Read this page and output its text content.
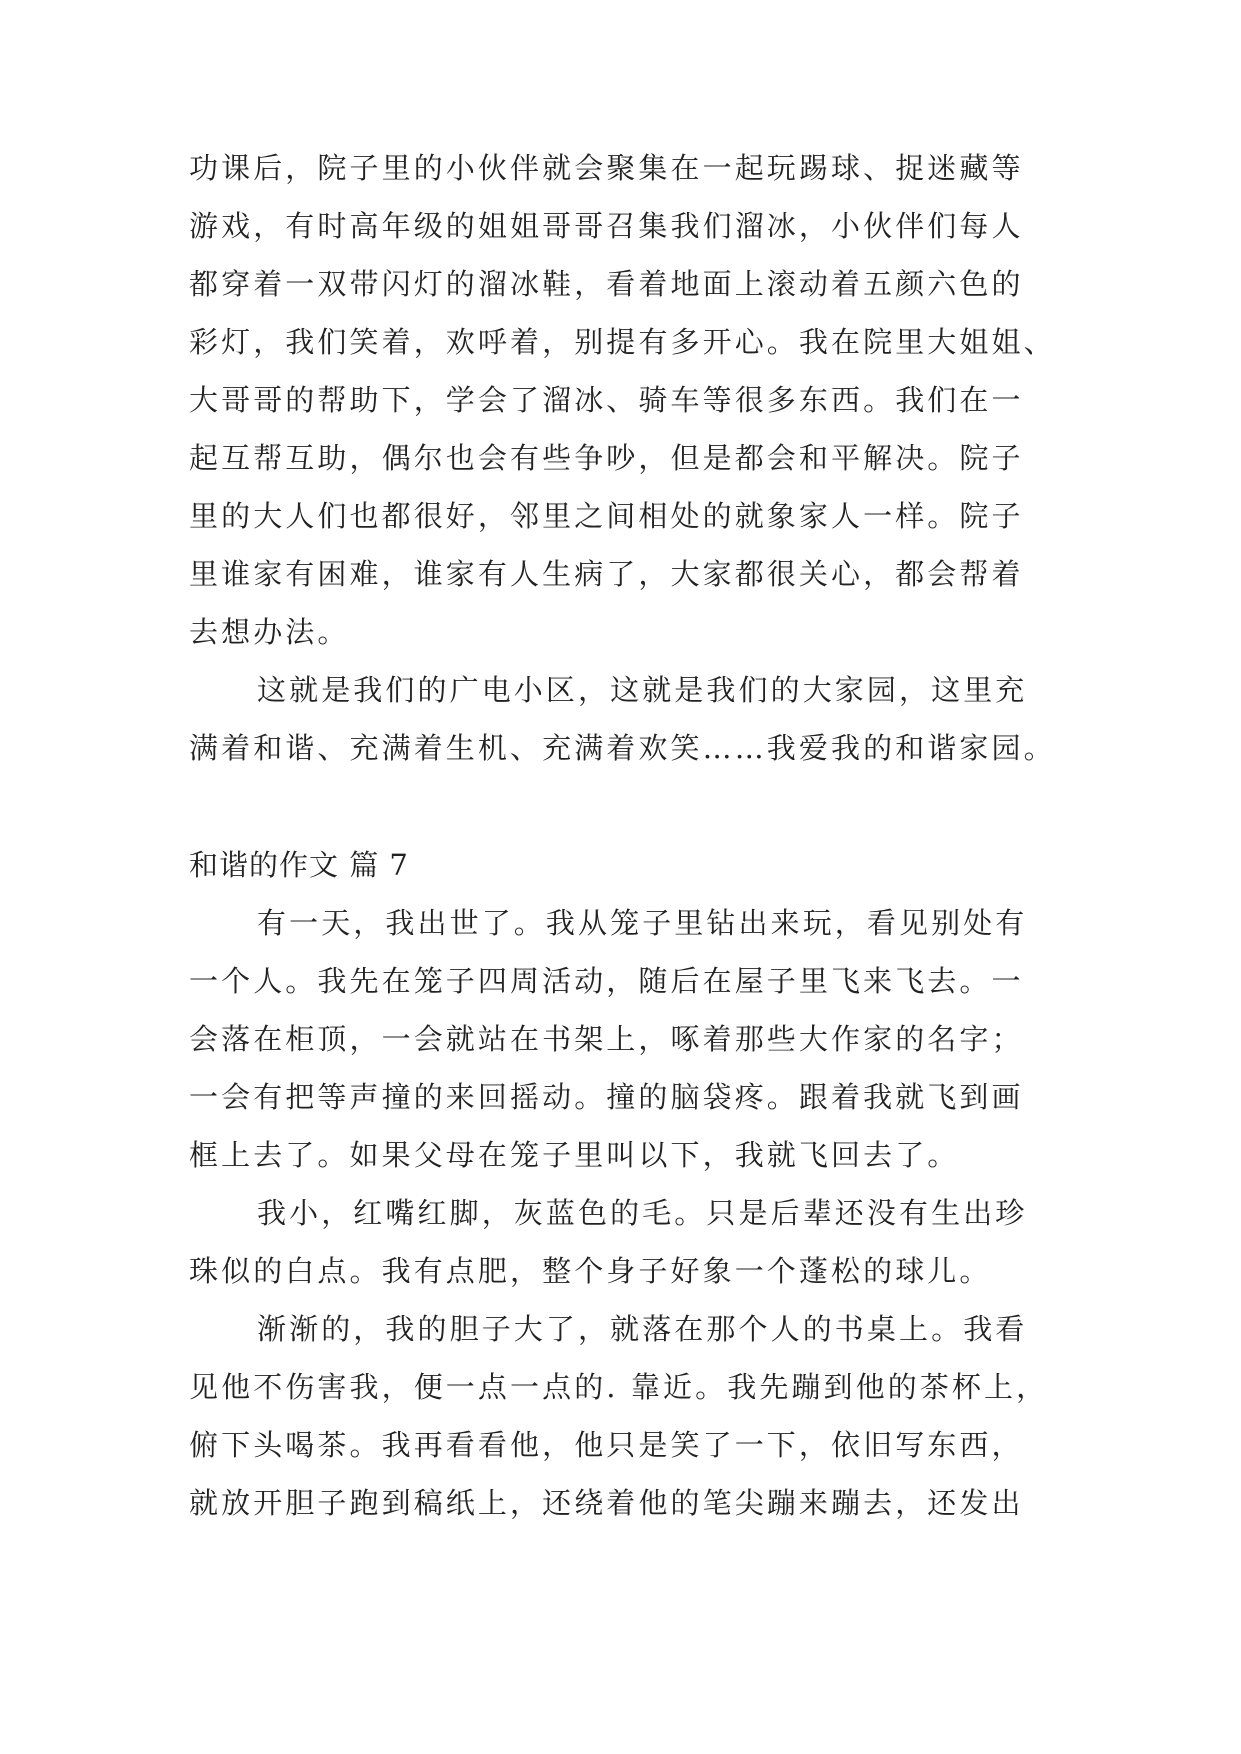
功课后，院子里的小伙伴就会聚集在一起玩踢球、捉迷藏等
游戏，有时高年级的姐姐哥哥召集我们溜冰，小伙伴们每人
都穿着一双带闪灯的溜冰鞋，看着地面上滚动着五颜六色的
彩灯，我们笑着，欢呼着，别提有多开心。我在院里大姐姐、
大哥哥的帮助下，学会了溜冰、骑车等很多东西。我们在一
起互帮互助，偶尔也会有些争吵，但是都会和平解决。院子
里的大人们也都很好，邻里之间相处的就象家人一样。院子
里谁家有困难，谁家有人生病了，大家都很关心，都会帮着
去想办法。
这就是我们的广电小区，这就是我们的大家园，这里充
满着和谐、充满着生机、充满着欢笑……我爱我的和谐家园。
和谐的作文 篇 7
有一天，我出世了。我从笼子里钻出来玩，看见别处有
一个人。我先在笼子四周活动，随后在屋子里飞来飞去。一
会落在柜顶，一会就站在书架上，啄着那些大作家的名字；
一会有把等声撞的来回摇动。撞的脑袋疼。跟着我就飞到画
框上去了。如果父母在笼子里叫以下，我就飞回去了。
我小，红嘴红脚，灰蓝色的毛。只是后辈还没有生出珍
珠似的白点。我有点肥，整个身子好象一个蓬松的球儿。
渐渐的，我的胆子大了，就落在那个人的书桌上。我看
见他不伤害我，便一点一点的. 靠近。我先蹦到他的茶杯上，
俯下头喝茶。我再看看他，他只是笑了一下，依旧写东西，
就放开胆子跑到稿纸上，还绕着他的笔尖蹦来蹦去，还发出
